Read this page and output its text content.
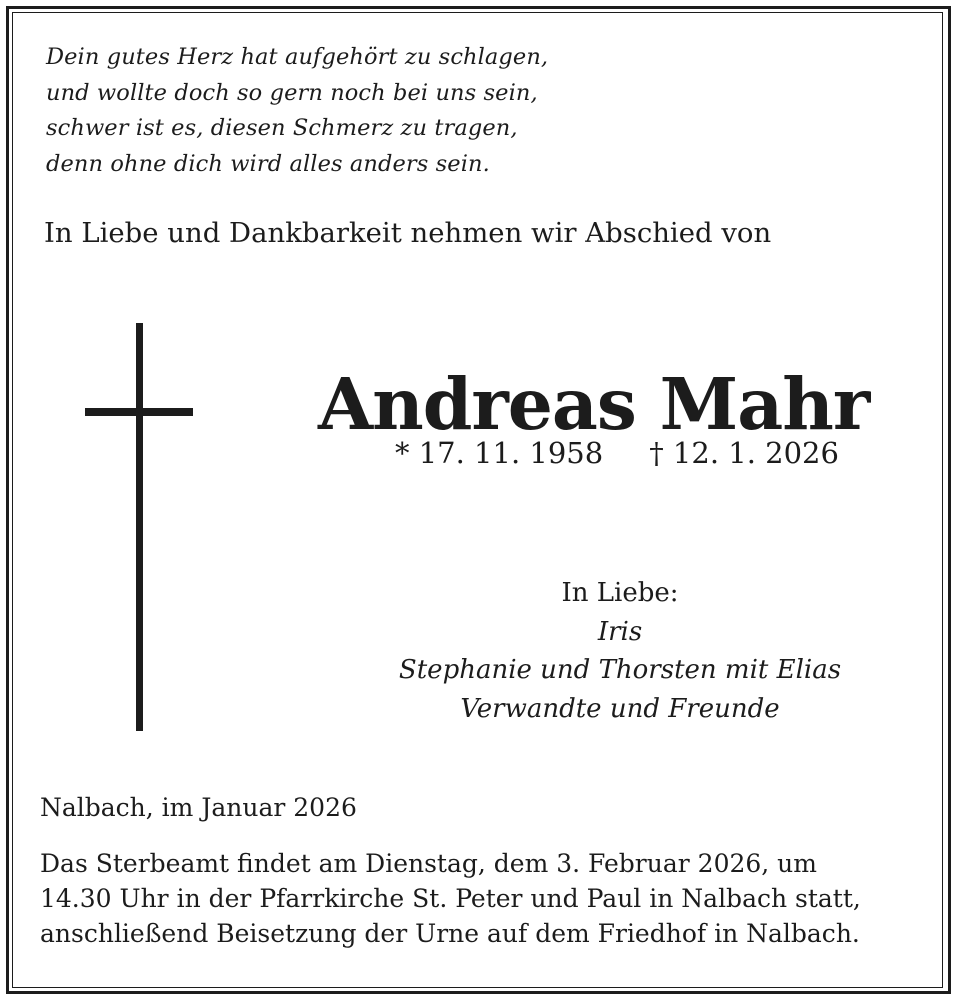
Dein gutes Herz hat aufgehört zu schlagen,
und wollte doch so gern noch bei uns sein,
schwer ist es, diesen Schmerz zu tragen,
denn ohne dich wird alles anders sein.
In Liebe und Dankbarkeit nehmen wir Abschied von
Andreas Mahr
* 17. 11. 1958 † 12. 1. 2026
In Liebe:
Iris
Stephanie und Thorsten mit Elias
Verwandte und Freunde
Nalbach, im Januar 2026
Das Sterbeamt findet am Dienstag, dem 3. Februar 2026, um
14.30 Uhr in der Pfarrkirche St. Peter und Paul in Nalbach statt,
anschließend Beisetzung der Urne auf dem Friedhof in Nalbach.
